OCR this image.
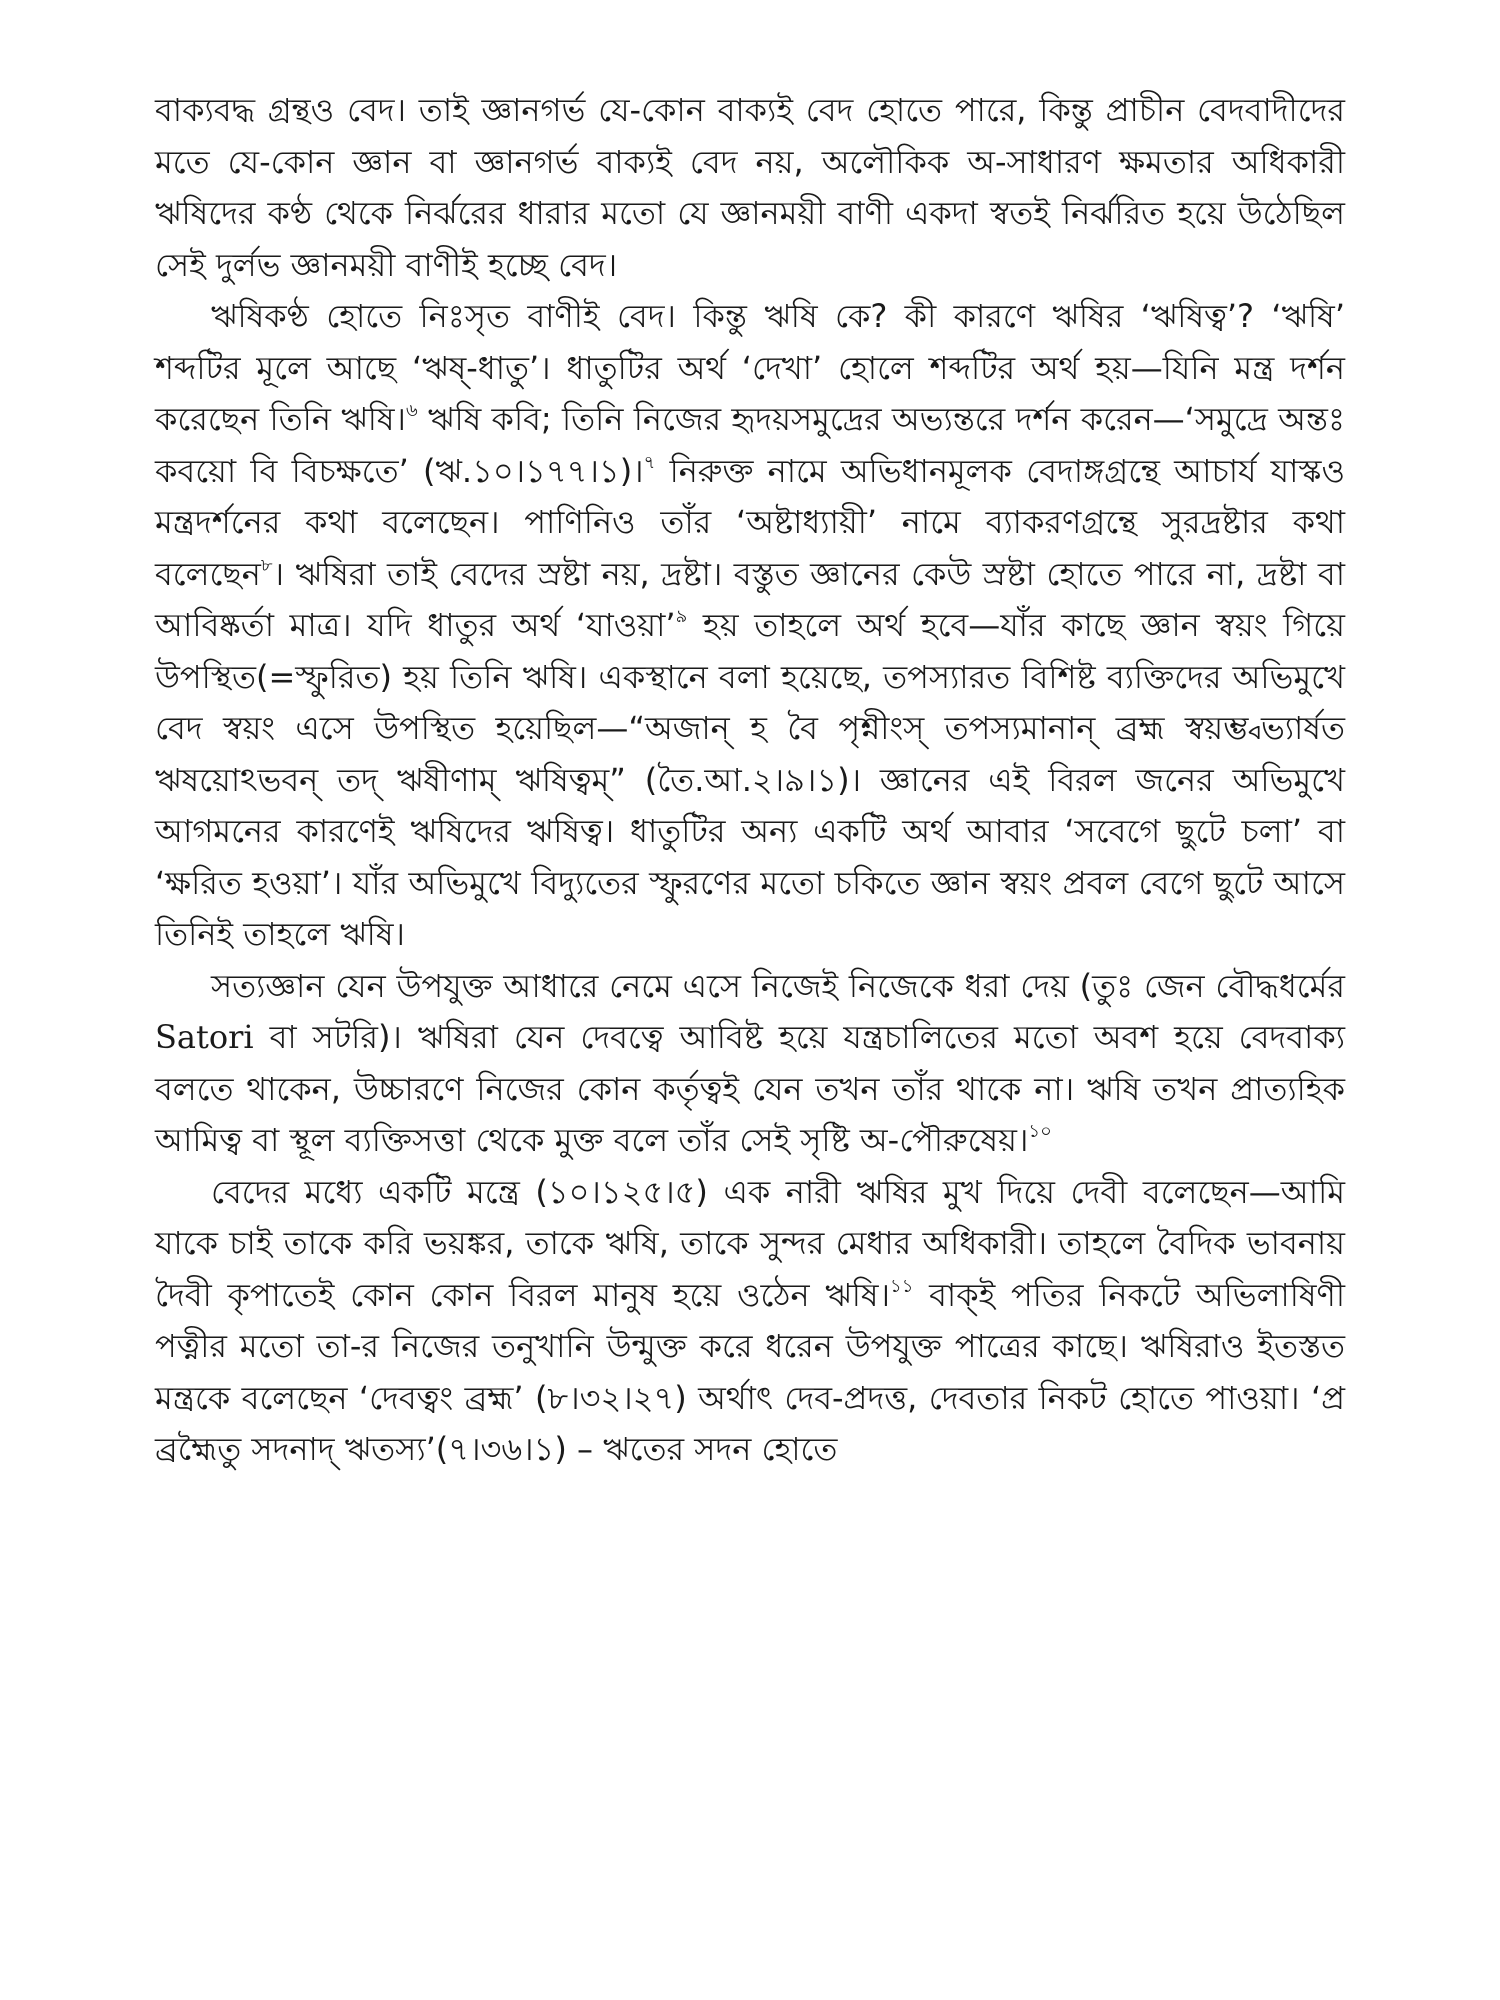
বাক্যবদ্ধ গ্রন্থও বেদ। তাই জ্ঞানগর্ভ যে-কোন বাক্যই বেদ হোতে পারে, কিন্তু প্রাচীন বেদবাদীদের মতে যে-কোন জ্ঞান বা জ্ঞানগর্ভ বাক্যই বেদ নয়, অলৌকিক অ-সাধারণ ক্ষমতার অধিকারী ঋষিদের কণ্ঠ থেকে নির্ঝরের ধারার মতো যে জ্ঞানময়ী বাণী একদা স্বতই নির্ঝরিত হয়ে উঠেছিল সেই দুর্লভ জ্ঞানময়ী বাণীই হচ্ছে বেদ।

ঋষিকণ্ঠ হোতে নিঃসৃত বাণীই বেদ। কিন্তু ঋষি কে? কী কারণে ঋষির ‘ঋষিত্ব’? ‘ঋষি’ শব্দটির মূলে আছে ‘ঋষ্-ধাতু’। ধাতুটির অর্থ ‘দেখা’ হোলে শব্দটির অর্থ হয়—যিনি মন্ত্র দর্শন করেছেন তিনি ঋষি।$^৬$ ঋষি কবি; তিনি নিজের হৃদয়সমুদ্রের অভ্যন্তরে দর্শন করেন—‘সমুদ্রে অন্তঃ কবয়ো বি বিচক্ষতে’ (ঋ.১০।১৭৭।১)।$^৭$ নিরুক্ত নামে অভিধানমূলক বেদাঙ্গগ্রন্থে আচার্য যাস্কও মন্ত্রদর্শনের কথা বলেছেন। পাণিনিও তাঁর ‘অষ্টাধ্যায়ী’ নামে ব্যাকরণগ্রন্থে সুরদ্রষ্টার কথা বলেছেন$^৮$। ঋষিরা তাই বেদের স্রষ্টা নয়, দ্রষ্টা। বস্তুত জ্ঞানের কেউ স্রষ্টা হোতে পারে না, দ্রষ্টা বা আবিষ্কর্তা মাত্র। যদি ধাতুর অর্থ ‘যাওয়া’$^৯$ হয় তাহলে অর্থ হবে—যাঁর কাছে জ্ঞান স্বয়ং গিয়ে উপস্থিত(=স্ফুরিত) হয় তিনি ঋষি। একস্থানে বলা হয়েছে, তপস্যারত বিশিষ্ট ব্যক্তিদের অভিমুখে বেদ স্বয়ং এসে উপস্থিত হয়েছিল—“অজান্ হ বৈ পৃশ্নীংস্ তপস্যমানান্ ব্রহ্ম স্বয়ম্ভ্বভ্যার্ষত ঋষয়োঽভবন্ তদ্ ঋষীণাম্ ঋষিত্বম্” (তৈ.আ.২।৯।১)। জ্ঞানের এই বিরল জনের অভিমুখে আগমনের কারণেই ঋষিদের ঋষিত্ব। ধাতুটির অন্য একটি অর্থ আবার ‘সবেগে ছুটে চলা’ বা ‘ক্ষরিত হওয়া’। যাঁর অভিমুখে বিদ্যুতের স্ফুরণের মতো চকিতে জ্ঞান স্বয়ং প্রবল বেগে ছুটে আসে তিনিই তাহলে ঋষি।

সত্যজ্ঞান যেন উপযুক্ত আধারে নেমে এসে নিজেই নিজেকে ধরা দেয় (তুঃ জেন বৌদ্ধধর্মের Satori বা সটরি)। ঋষিরা যেন দেবত্বে আবিষ্ট হয়ে যন্ত্রচালিতের মতো অবশ হয়ে বেদবাক্য বলতে থাকেন, উচ্চারণে নিজের কোন কর্তৃত্বই যেন তখন তাঁর থাকে না। ঋষি তখন প্রাত্যহিক আমিত্ব বা স্থূল ব্যক্তিসত্তা থেকে মুক্ত বলে তাঁর সেই সৃষ্টি অ-পৌরুষেয়।$^{১০}$

বেদের মধ্যে একটি মন্ত্রে (১০।১২৫।৫) এক নারী ঋষির মুখ দিয়ে দেবী বলেছেন—আমি যাকে চাই তাকে করি ভয়ঙ্কর, তাকে ঋষি, তাকে সুন্দর মেধার অধিকারী। তাহলে বৈদিক ভাবনায় দৈবী কৃপাতেই কোন কোন বিরল মানুষ হয়ে ওঠেন ঋষি।$^{১১}$ বাক্ই পতির নিকটে অভিলাষিণী পত্নীর মতো তা-র নিজের তনুখানি উন্মুক্ত করে ধরেন উপযুক্ত পাত্রের কাছে। ঋষিরাও ইতস্তত মন্ত্রকে বলেছেন ‘দেবত্বং ব্রহ্ম’ (৮।৩২।২৭) অর্থাৎ দেব-প্রদত্ত, দেবতার নিকট হোতে পাওয়া। ‘প্র ব্রহ্মৈতু সদনাদ্ ঋতস্য’(৭।৩৬।১) – ঋতের সদন হোতে
